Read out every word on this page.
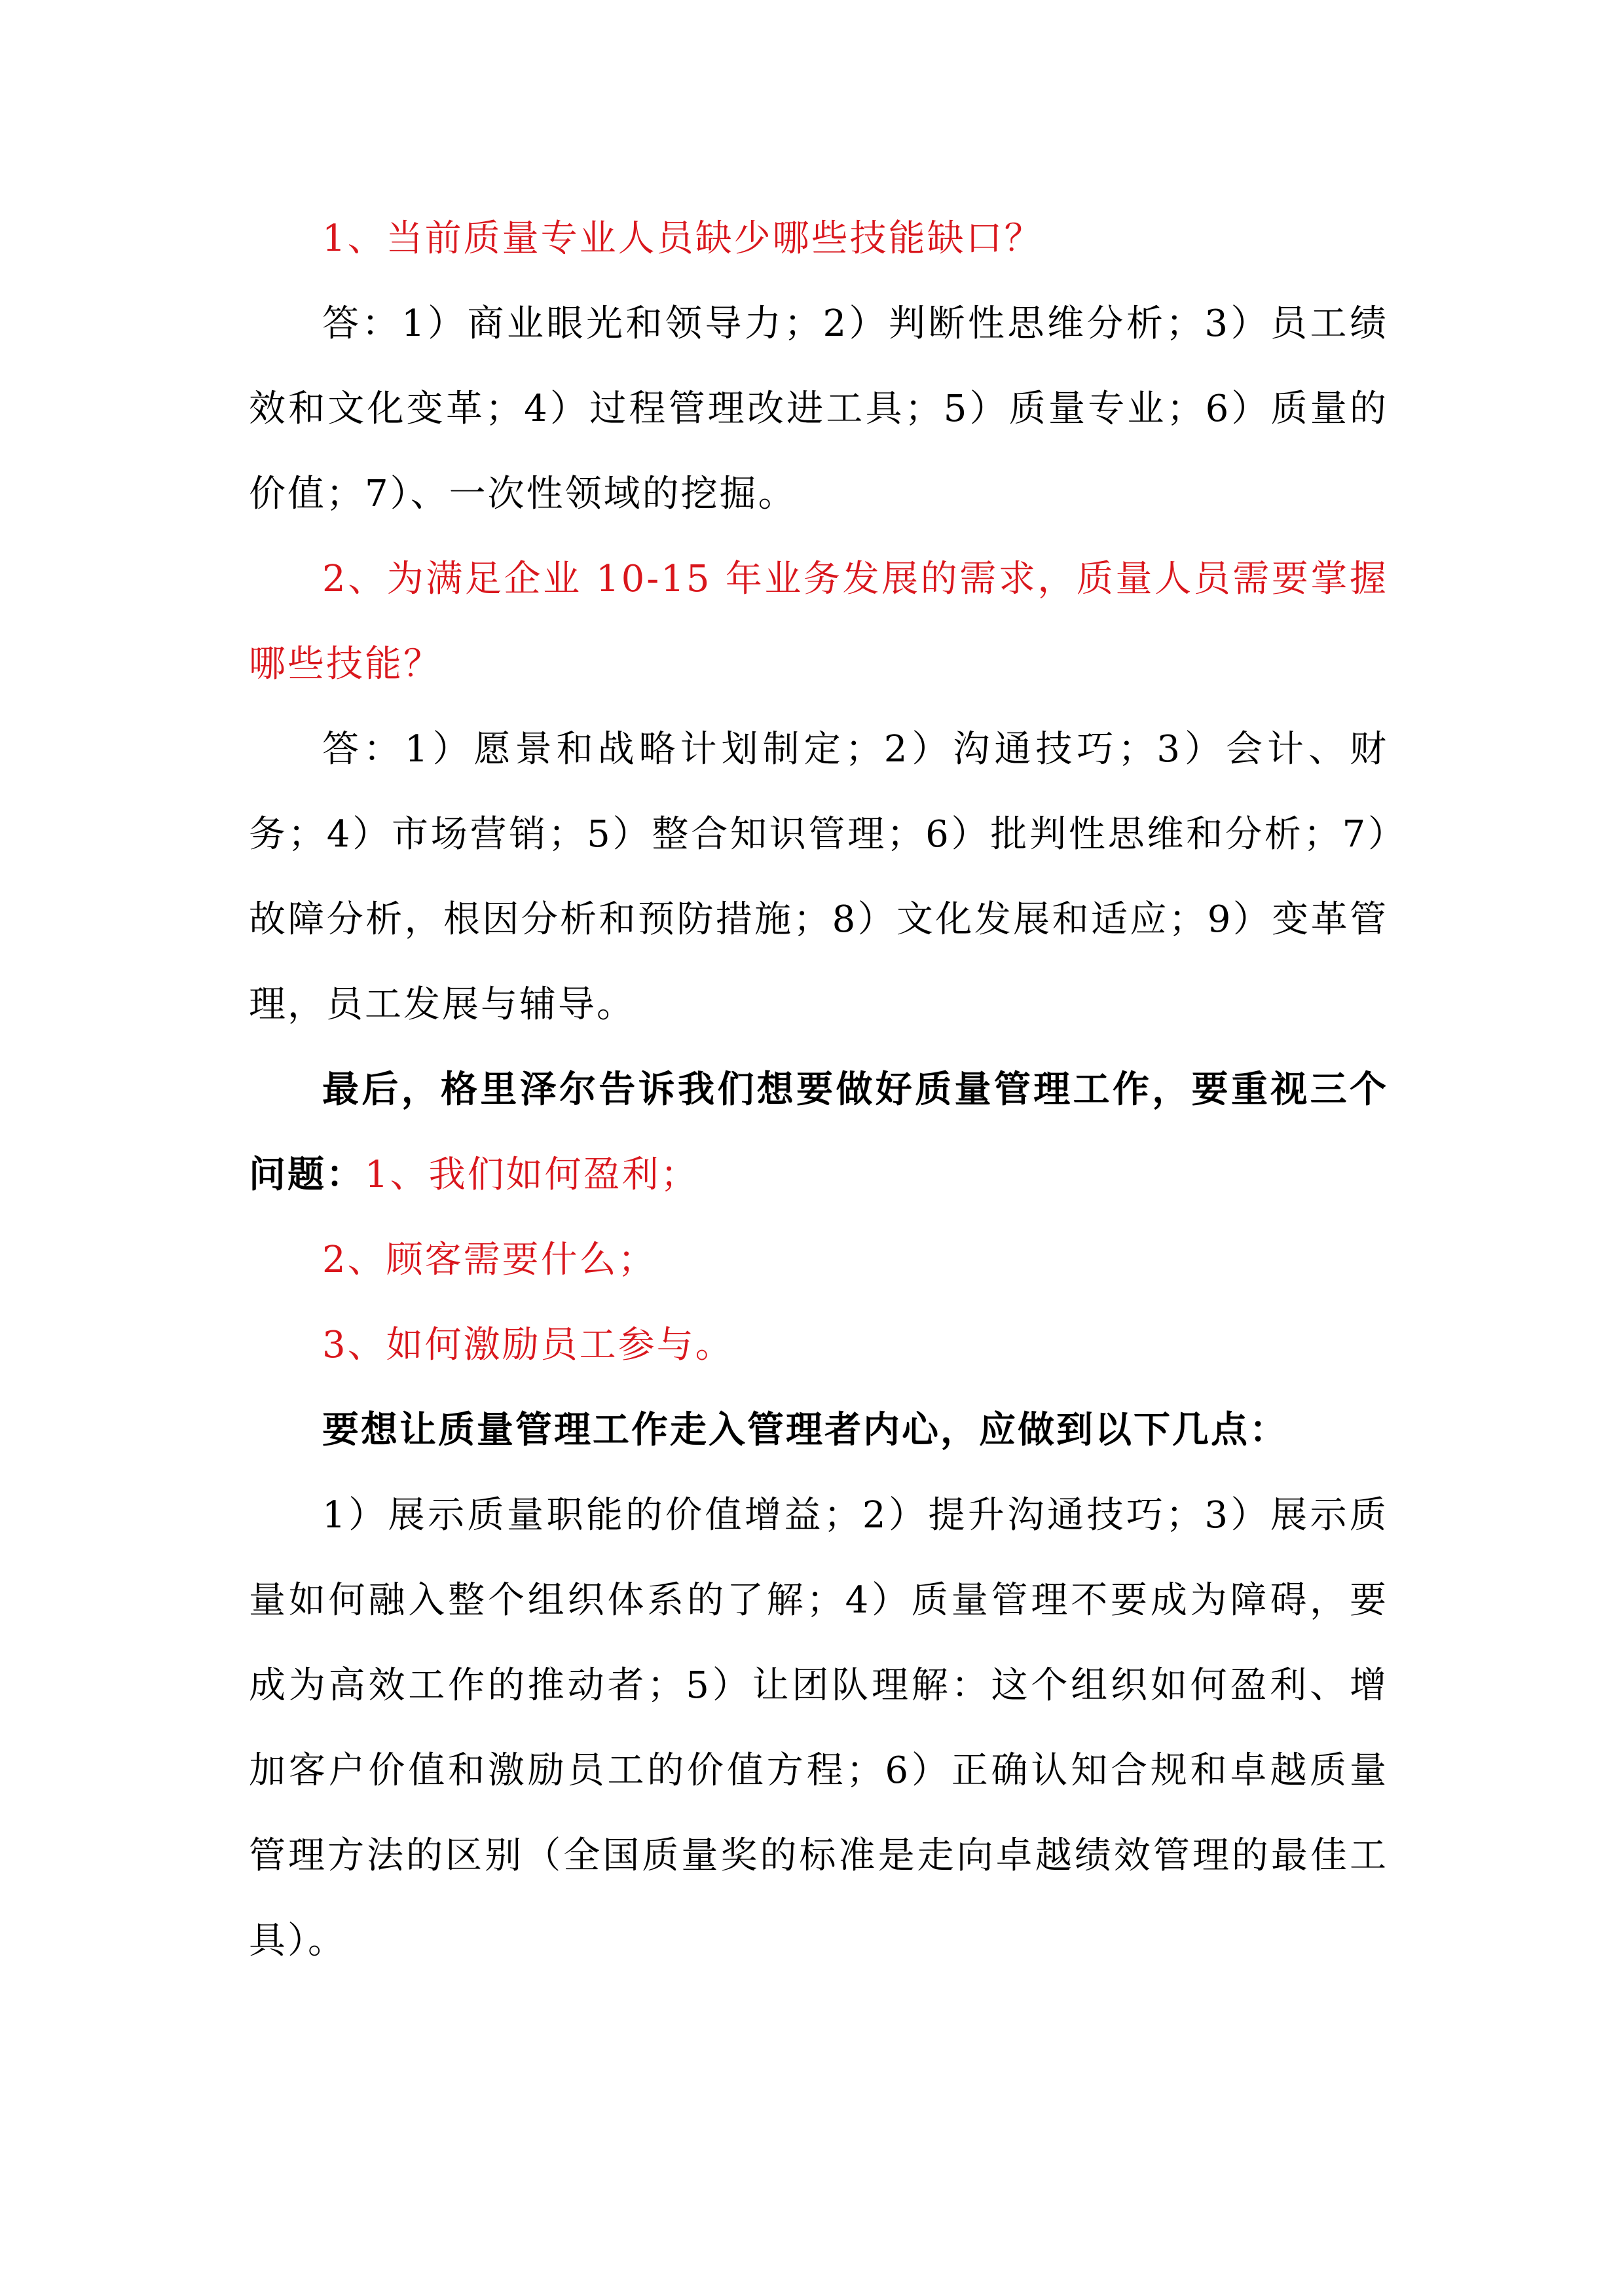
1、当前质量专业人员缺少哪些技能缺口？

答：1）商业眼光和领导力；2）判断性思维分析；3）员工绩效和文化变革；4）过程管理改进工具；5）质量专业；6）质量的价值；7）、一次性领域的挖掘。

2、为满足企业 10-15 年业务发展的需求，质量人员需要掌握哪些技能？

答：1）愿景和战略计划制定；2）沟通技巧；3）会计、财务；4）市场营销；5）整合知识管理；6）批判性思维和分析；7）故障分析，根因分析和预防措施；8）文化发展和适应；9）变革管理，员工发展与辅导。

最后，格里泽尔告诉我们想要做好质量管理工作，要重视三个问题：1、我们如何盈利；

2、顾客需要什么；

3、如何激励员工参与。

要想让质量管理工作走入管理者内心，应做到以下几点：

1）展示质量职能的价值增益；2）提升沟通技巧；3）展示质量如何融入整个组织体系的了解；4）质量管理不要成为障碍，要成为高效工作的推动者；5）让团队理解：这个组织如何盈利、增加客户价值和激励员工的价值方程；6）正确认知合规和卓越质量管理方法的区别（全国质量奖的标准是走向卓越绩效管理的最佳工具）。
